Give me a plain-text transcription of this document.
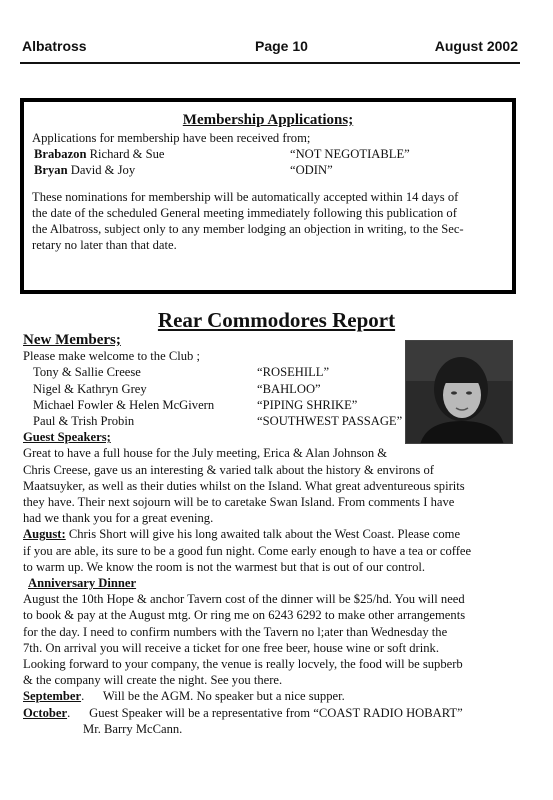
Albatross	Page 10	August 2002
Membership Applications;
Applications for membership have been received from;
Brabazon Richard & Sue	“NOT NEGOTIABLE”
Bryan David & Joy	“ODIN”
These nominations for membership will be automatically accepted within 14 days of
the date of the scheduled General meeting immediately following this publication of
the Albatross, subject only to any member lodging an objection in writing, to the Sec-
retary no later than that date.
Rear Commodores Report
New Members;
Please make welcome to the Club ;
Tony & Sallie Creese	“ROSEHILL”
Nigel & Kathryn Grey	“BAHLOO”
Michael Fowler & Helen McGivern	“PIPING SHRIKE”
Paul & Trish Probin	“SOUTHWEST PASSAGE”
Guest Speakers;
Great to have a full house for the July meeting, Erica & Alan Johnson &
Chris Creese, gave us an interesting & varied talk about the history & environs of
Maatsuyker, as well as their duties whilst on the Island. What great adventureous spirits
they have. Their next sojourn will be to caretake Swan Island. From comments I have
had we thank you for a great evening.
August: Chris Short will give his long awaited talk about the West Coast. Please come
if you are able, its sure to be a good fun night. Come early enough to have a tea or coffee
to warm up. We know the room is not the warmest but that is out of our control.
Anniversary Dinner
August the 10th Hope & anchor Tavern cost of the dinner will be $25/hd. You will need
to book & pay at the August mtg. Or ring me on 6243 6292 to make other arrangements
for the day. I need to confirm numbers with the Tavern no l;ater than Wednesday the
7th. On arrival you will receive a ticket for one free beer, house wine or soft drink.
Looking forward to your company, the venue is really locvely, the food will be supberb
& the company will create the night. See you there.
September.      Will be the AGM. No speaker but a nice supper.
October.      Guest Speaker will be a representative from “COAST RADIO HOBART”
Mr. Barry McCann.
